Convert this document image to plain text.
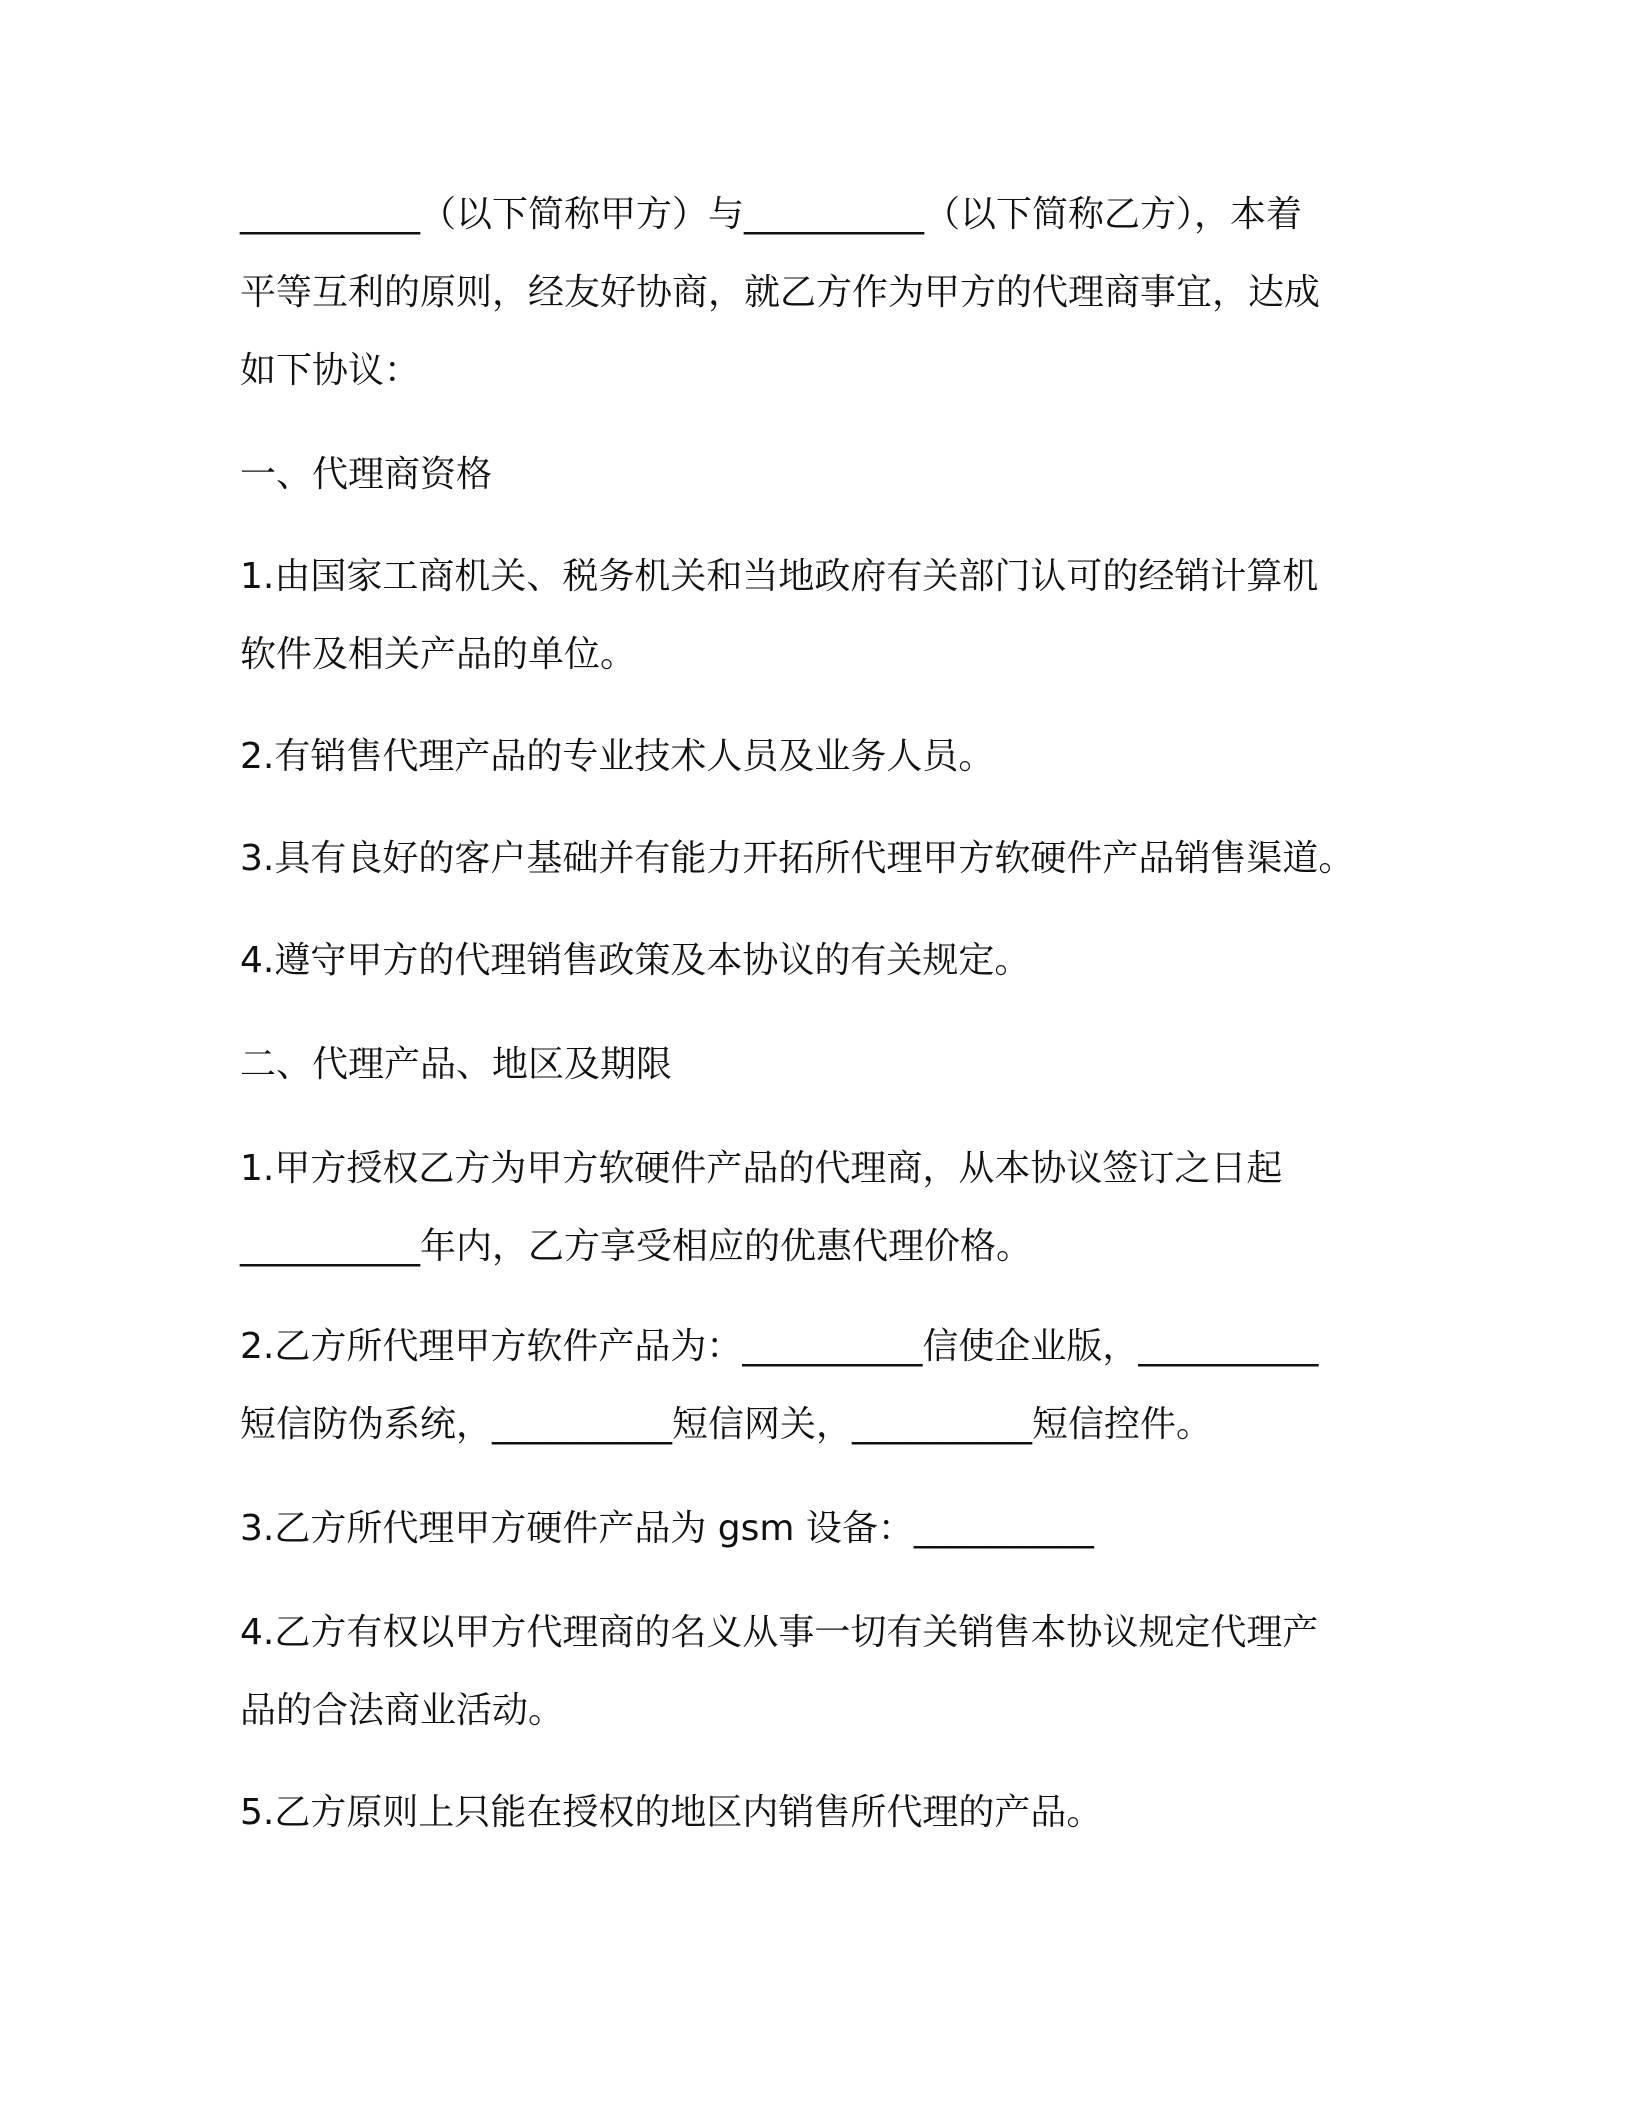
__________（以下简称甲方）与__________（以下简称乙方），本着
平等互利的原则，经友好协商，就乙方作为甲方的代理商事宜，达成
如下协议：
一、代理商资格
1.由国家工商机关、税务机关和当地政府有关部门认可的经销计算机
软件及相关产品的单位。
2.有销售代理产品的专业技术人员及业务人员。
3.具有良好的客户基础并有能力开拓所代理甲方软硬件产品销售渠道。
4.遵守甲方的代理销售政策及本协议的有关规定。
二、代理产品、地区及期限
1.甲方授权乙方为甲方软硬件产品的代理商，从本协议签订之日起
__________年内，乙方享受相应的优惠代理价格。
2.乙方所代理甲方软件产品为：__________信使企业版，__________
短信防伪系统，__________短信网关，__________短信控件。
3.乙方所代理甲方硬件产品为 gsm 设备：__________
4.乙方有权以甲方代理商的名义从事一切有关销售本协议规定代理产
品的合法商业活动。
5.乙方原则上只能在授权的地区内销售所代理的产品。
